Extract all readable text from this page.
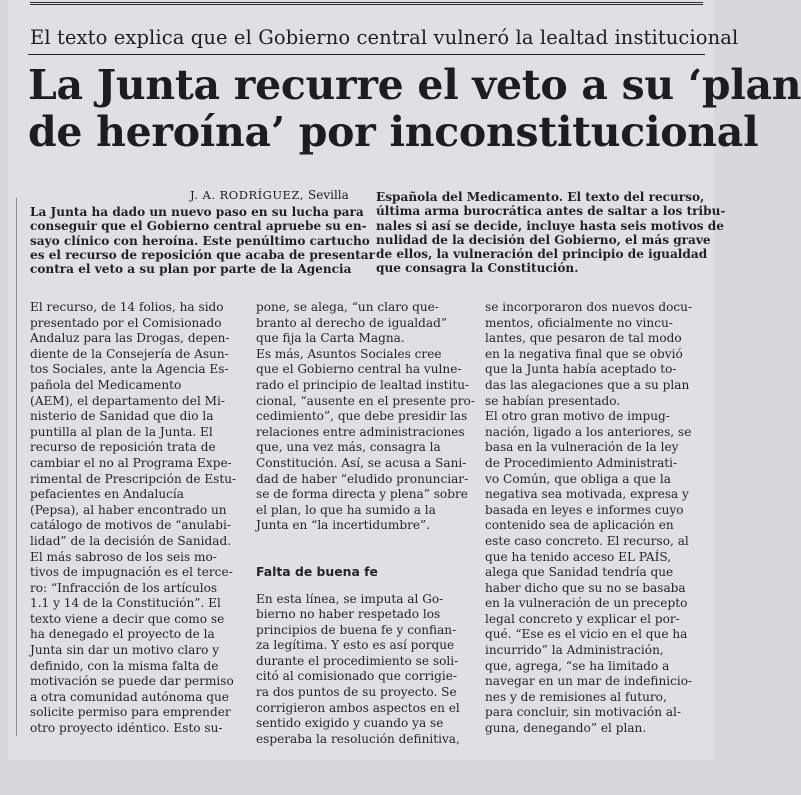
El texto explica que el Gobierno central vulneró la lealtad institucional
La Junta recurre el veto a su ‘plan
de heroína’ por inconstitucional
J. A. RODRÍGUEZ, Sevilla

La Junta ha dado un nuevo paso en su lucha para

conseguir que el Gobierno central apruebe su en-

sayo clínico con heroína. Este penúltimo cartucho

es el recurso de reposición que acaba de presentar

contra el veto a su plan por parte de la Agencia

Española del Medicamento. El texto del recurso,

última arma burocrática antes de saltar a los tribu-

nales si así se decide, incluye hasta seis motivos de

nulidad de la decisión del Gobierno, el más grave

de ellos, la vulneración del principio de igualdad

que consagra la Constitución.

El recurso, de 14 folios, ha sido

presentado por el Comisionado

Andaluz para las Drogas, depen-

diente de la Consejería de Asun-

tos Sociales, ante la Agencia Es-

pañola del Medicamento

(AEM), el departamento del Mi-

nisterio de Sanidad que dio la

puntilla al plan de la Junta. El

recurso de reposición trata de

cambiar el no al Programa Expe-

rimental de Prescripción de Estu-

pefacientes en Andalucía

(Pepsa), al haber encontrado un

catálogo de motivos de “anulabi-

lidad” de la decisión de Sanidad.

El más sabroso de los seis mo-

tivos de impugnación es el terce-

ro: “Infracción de los artículos

1.1 y 14 de la Constitución”. El

texto viene a decir que como se

ha denegado el proyecto de la

Junta sin dar un motivo claro y

definido, con la misma falta de

motivación se puede dar permiso

a otra comunidad autónoma que

solicite permiso para emprender

otro proyecto idéntico. Esto su-

pone, se alega, “un claro que-

branto al derecho de igualdad”

que fija la Carta Magna.

Es más, Asuntos Sociales cree

que el Gobierno central ha vulne-

rado el principio de lealtad institu-

cional, “ausente en el presente pro-

cedimiento”, que debe presidir las

relaciones entre administraciones

que, una vez más, consagra la

Constitución. Así, se acusa a Sani-

dad de haber “eludido pronunciar-

se de forma directa y plena” sobre

el plan, lo que ha sumido a la

Junta en “la incertidumbre”.

Falta de buena fe

En esta línea, se imputa al Go-

bierno no haber respetado los

principios de buena fe y confian-

za legítima. Y esto es así porque

durante el procedimiento se soli-

citó al comisionado que corrigie-

ra dos puntos de su proyecto. Se

corrigieron ambos aspectos en el

sentido exigido y cuando ya se

esperaba la resolución definitiva,

se incorporaron dos nuevos docu-

mentos, oficialmente no vincu-

lantes, que pesaron de tal modo

en la negativa final que se obvió

que la Junta había aceptado to-

das las alegaciones que a su plan

se habían presentado.

El otro gran motivo de impug-

nación, ligado a los anteriores, se

basa en la vulneración de la ley

de Procedimiento Administrati-

vo Común, que obliga a que la

negativa sea motivada, expresa y

basada en leyes e informes cuyo

contenido sea de aplicación en

este caso concreto. El recurso, al

que ha tenido acceso EL PAÍS,

alega que Sanidad tendría que

haber dicho que su no se basaba

en la vulneración de un precepto

legal concreto y explicar el por-

qué. “Ese es el vicio en el que ha

incurrido” la Administración,

que, agrega, “se ha limitado a

navegar en un mar de indefinicio-

nes y de remisiones al futuro,

para concluir, sin motivación al-

guna, denegando” el plan.
